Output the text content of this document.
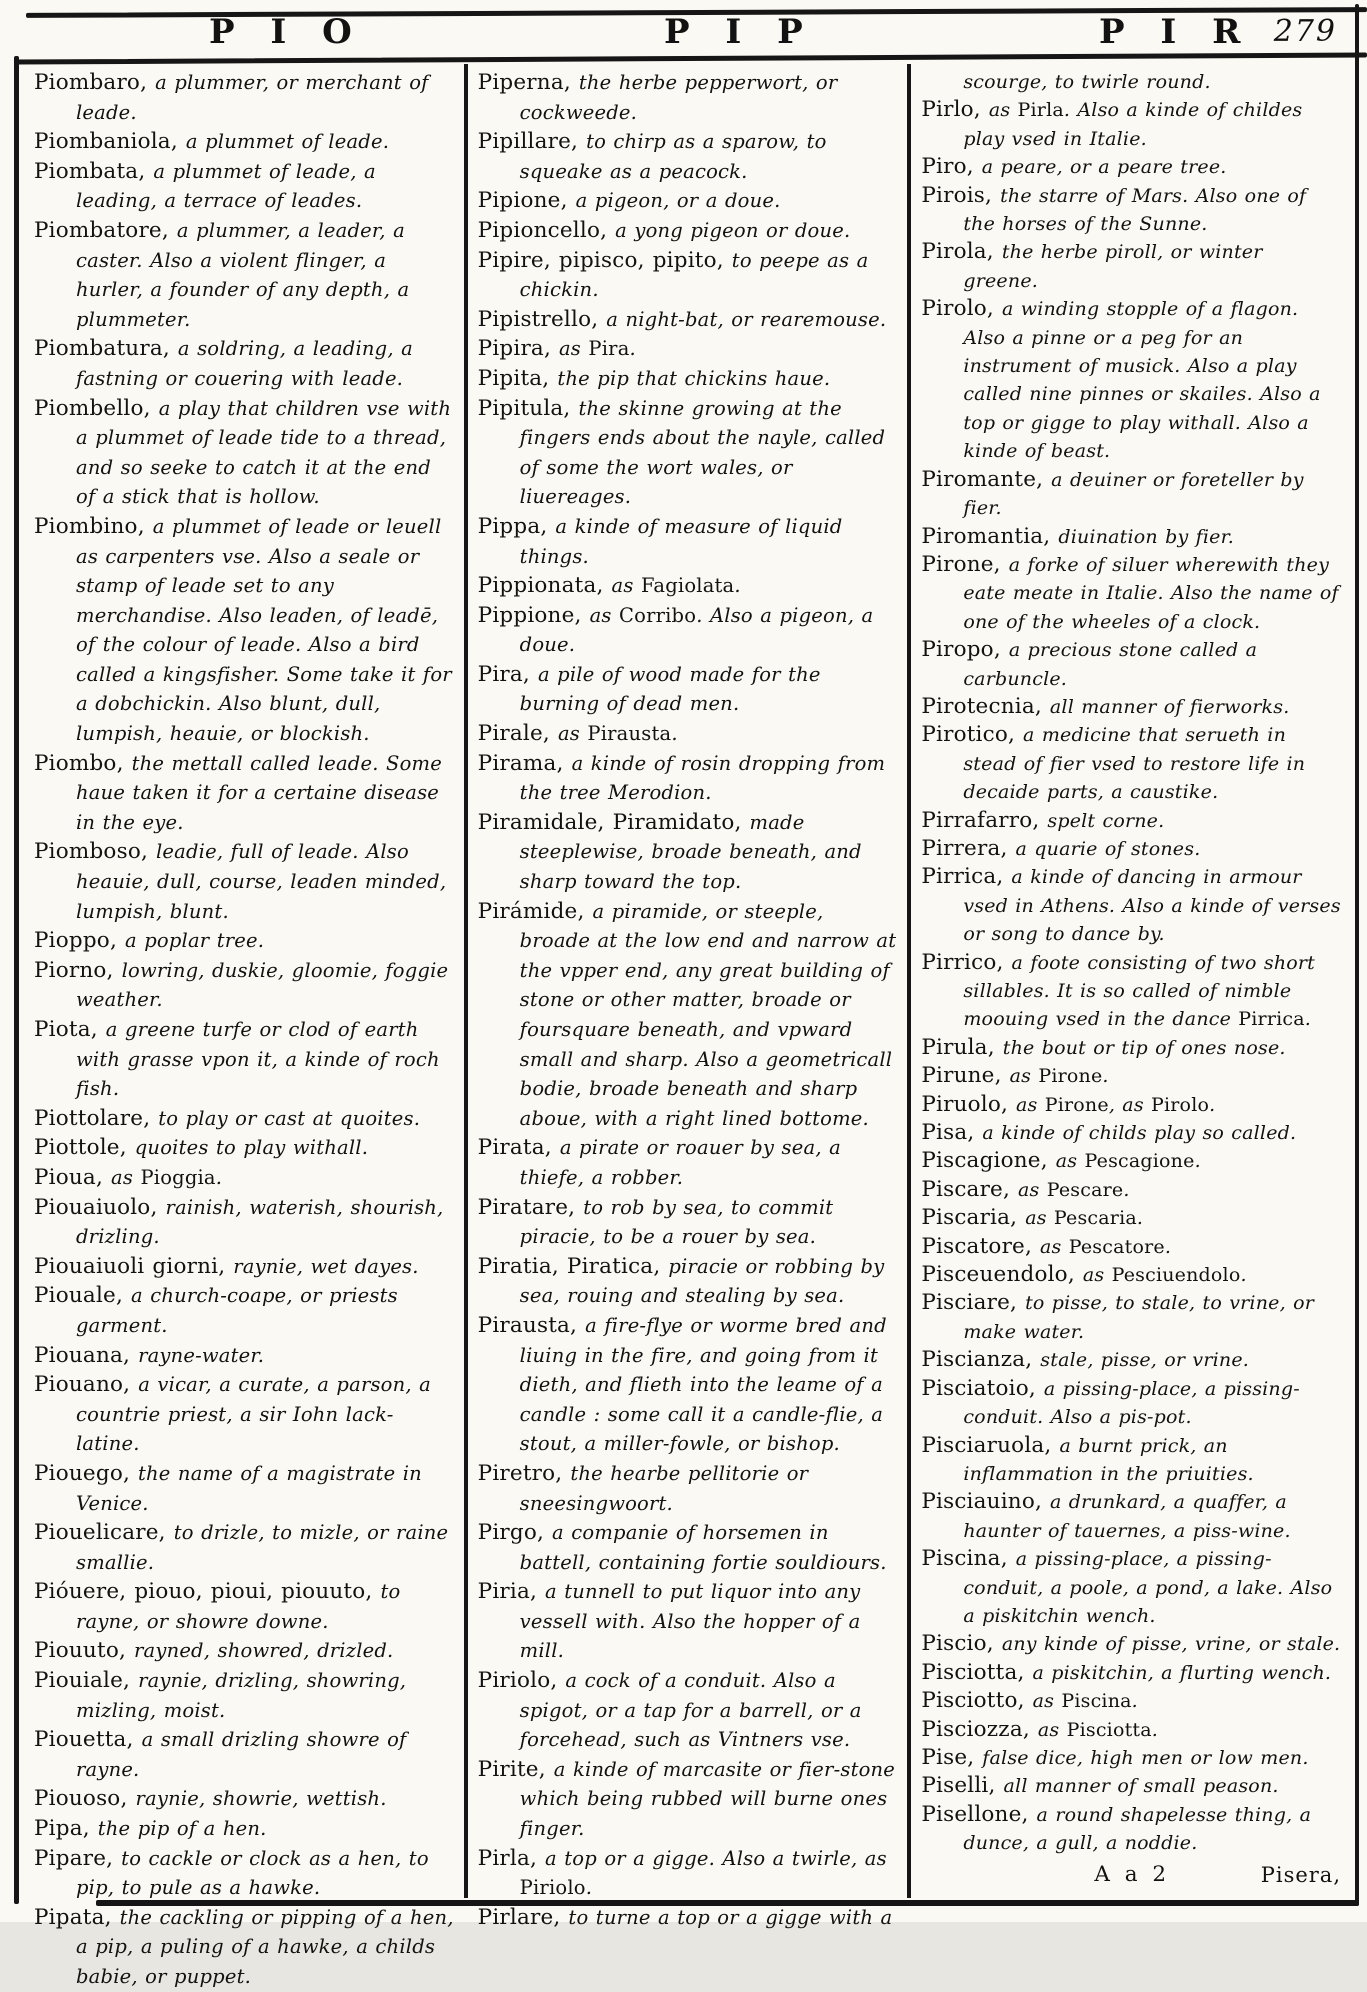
P I O	P I P	P I R 279

Piombaro, a plummer, or merchant of leade.

Piombaniola, a plummet of leade.

Piombata, a plummet of leade, a leading, a terrace of leades.

Piombatore, a plummer, a leader, a caster. Also a violent flinger, a hurler, a founder of any depth, a plummeter.

Piombatura, a soldring, a leading, a fastning or couering with leade.

Piombello, a play that children vse with a plummet of leade tide to a thread, and so seeke to catch it at the end of a stick that is hollow.

Piombino, a plummet of leade or leuell as carpenters vse. Also a seale or stamp of leade set to any merchandise. Also leaden, of leadē, of the colour of leade. Also a bird called a kingsfisher. Some take it for a dobchickin. Also blunt, dull, lumpish, heauie, or blockish.

Piombo, the mettall called leade. Some haue taken it for a certaine disease in the eye.

Piomboso, leadie, full of leade. Also heauie, dull, course, leaden minded, lumpish, blunt.

Pioppo, a poplar tree.

Piorno, lowring, duskie, gloomie, foggie weather.

Piota, a greene turfe or clod of earth with grasse vpon it, a kinde of roch fish.

Piottolare, to play or cast at quoites.

Piottole, quoites to play withall.

Pioua, as Pioggia.

Piouaiuolo, rainish, waterish, shourish, drizling.

Piouaiuoli giorni, raynie, wet dayes.

Piouale, a church-coape, or priests garment.

Piouana, rayne-water.

Piouano, a vicar, a curate, a parson, a countrie priest, a sir Iohn lack-latine.

Piouego, the name of a magistrate in Venice.

Piouelicare, to drizle, to mizle, or raine smallie.

Pióuere, piouo, pioui, piouuto, to rayne, or showre downe.

Piouuto, rayned, showred, drizled.

Piouiale, raynie, drizling, showring, mizling, moist.

Piouetta, a small drizling showre of rayne.

Piouoso, raynie, showrie, wettish.

Pipa, the pip of a hen.

Pipare, to cackle or clock as a hen, to pip, to pule as a hawke.

Pipata, the cackling or pipping of a hen, a pip, a puling of a hawke, a childs babie, or puppet.

Piperna, the herbe pepperwort, or cockweede.

Pipillare, to chirp as a sparow, to squeake as a peacock.

Pipione, a pigeon, or a doue.

Pipioncello, a yong pigeon or doue.

Pipire, pipisco, pipito, to peepe as a chickin.

Pipistrello, a night-bat, or rearemouse.

Pipira, as Pira.

Pipita, the pip that chickins haue.

Pipitula, the skinne growing at the fingers ends about the nayle, called of some the wort wales, or liuereages.

Pippa, a kinde of measure of liquid things.

Pippionata, as Fagiolata.

Pippione, as Corribo. Also a pigeon, a doue.

Pira, a pile of wood made for the burning of dead men.

Pirale, as Pirausta.

Pirama, a kinde of rosin dropping from the tree Merodion.

Piramidale, Piramidato, made steeplewise, broade beneath, and sharp toward the top.

Pirámide, a piramide, or steeple, broade at the low end and narrow at the vpper end, any great building of stone or other matter, broade or foursquare beneath, and vpward small and sharp. Also a geometricall bodie, broade beneath and sharp aboue, with a right lined bottome.

Pirata, a pirate or roauer by sea, a thiefe, a robber.

Piratare, to rob by sea, to commit piracie, to be a rouer by sea.

Piratia, Piratica, piracie or robbing by sea, rouing and stealing by sea.

Pirausta, a fire-flye or worme bred and liuing in the fire, and going from it dieth, and flieth into the leame of a candle : some call it a candle-flie, a stout, a miller-fowle, or bishop.

Piretro, the hearbe pellitorie or sneesingwoort.

Pirgo, a companie of horsemen in battell, containing fortie souldiours.

Piria, a tunnell to put liquor into any vessell with. Also the hopper of a mill.

Piriolo, a cock of a conduit. Also a spigot, or a tap for a barrell, or a forcehead, such as Vintners vse.

Pirite, a kinde of marcasite or fier-stone which being rubbed will burne ones finger.

Pirla, a top or a gigge. Also a twirle, as Piriolo.

Pirlare, to turne a top or a gigge with a

scourge, to twirle round.

Pirlo, as Pirla. Also a kinde of childes play vsed in Italie.

Piro, a peare, or a peare tree.

Pirois, the starre of Mars. Also one of the horses of the Sunne.

Pirola, the herbe piroll, or winter greene.

Pirolo, a winding stopple of a flagon. Also a pinne or a peg for an instrument of musick. Also a play called nine pinnes or skailes. Also a top or gigge to play withall. Also a kinde of beast.

Piromante, a deuiner or foreteller by fier.

Piromantia, diuination by fier.

Pirone, a forke of siluer wherewith they eate meate in Italie. Also the name of one of the wheeles of a clock.

Piropo, a precious stone called a carbuncle.

Pirotecnia, all manner of fierworks.

Pirotico, a medicine that serueth in stead of fier vsed to restore life in decaide parts, a caustike.

Pirrafarro, spelt corne.

Pirrera, a quarie of stones.

Pirrica, a kinde of dancing in armour vsed in Athens. Also a kinde of verses or song to dance by.

Pirrico, a foote consisting of two short sillables. It is so called of nimble moouing vsed in the dance Pirrica.

Pirula, the bout or tip of ones nose.

Pirune, as Pirone.

Piruolo, as Pirone, as Pirolo.

Pisa, a kinde of childs play so called.

Piscagione, as Pescagione.

Piscare, as Pescare.

Piscaria, as Pescaria.

Piscatore, as Pescatore.

Pisceuendolo, as Pesciuendolo.

Pisciare, to pisse, to stale, to vrine, or make water.

Piscianza, stale, pisse, or vrine.

Pisciatoio, a pissing-place, a pissing-conduit. Also a pis-pot.

Pisciaruola, a burnt prick, an inflammation in the priuities.

Pisciauino, a drunkard, a quaffer, a haunter of tauernes, a piss-wine.

Piscina, a pissing-place, a pissing-conduit, a poole, a pond, a lake. Also a piskitchin wench.

Piscio, any kinde of pisse, vrine, or stale.

Pisciotta, a piskitchin, a flurting wench.

Pisciotto, as Piscina.

Pisciozza, as Pisciotta.

Pise, false dice, high men or low men.

Piselli, all manner of small peason.

Pisellone, a round shapelesse thing, a dunce, a gull, a noddie.

A a 2	Pisera,
